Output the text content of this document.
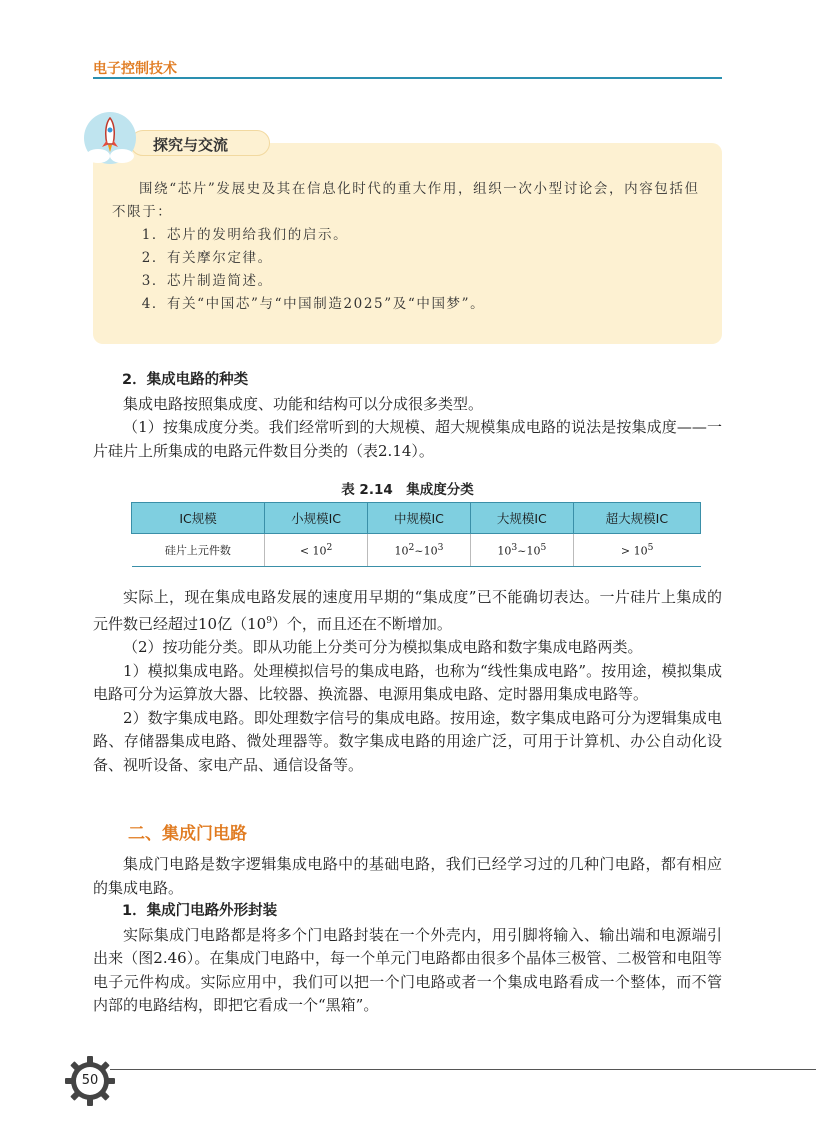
电子控制技术
探究与交流

围绕“芯片”发展史及其在信息化时代的重大作用，组织一次小型讨论会，内容包括但不限于：

1．芯片的发明给我们的启示。

2．有关摩尔定律。

3．芯片制造简述。

4．有关“中国芯”与“中国制造2025”及“中国梦”。

2．集成电路的种类

集成电路按照集成度、功能和结构可以分成很多类型。

（1）按集成度分类。我们经常听到的大规模、超大规模集成电路的说法是按集成度——一片硅片上所集成的电路元件数目分类的（表2.14）。

表 2.14　集成度分类
IC规模	小规模IC	中规模IC	大规模IC	超大规模IC
硅片上元件数	< $10^2$	$10^2\sim 10^3$	$10^3\sim 10^5$	> $10^5$

实际上，现在集成电路发展的速度用早期的“集成度”已不能确切表达。一片硅片上集成的元件数已经超过10亿$(10^9)$个，而且还在不断增加。

（2）按功能分类。即从功能上分类可分为模拟集成电路和数字集成电路两类。

1）模拟集成电路。处理模拟信号的集成电路，也称为“线性集成电路”。按用途，模拟集成电路可分为运算放大器、比较器、换流器、电源用集成电路、定时器用集成电路等。

2）数字集成电路。即处理数字信号的集成电路。按用途，数字集成电路可分为逻辑集成电路、存储器集成电路、微处理器等。数字集成电路的用途广泛，可用于计算机、办公自动化设备、视听设备、家电产品、通信设备等。

二、集成门电路

集成门电路是数字逻辑集成电路中的基础电路，我们已经学习过的几种门电路，都有相应的集成电路。

1．集成门电路外形封装

实际集成门电路都是将多个门电路封装在一个外壳内，用引脚将输入、输出端和电源端引出来（图2.46）。在集成门电路中，每一个单元门电路都由很多个晶体三极管、二极管和电阻等电子元件构成。实际应用中，我们可以把一个门电路或者一个集成电路看成一个整体，而不管内部的电路结构，即把它看成一个“黑箱”。

50
